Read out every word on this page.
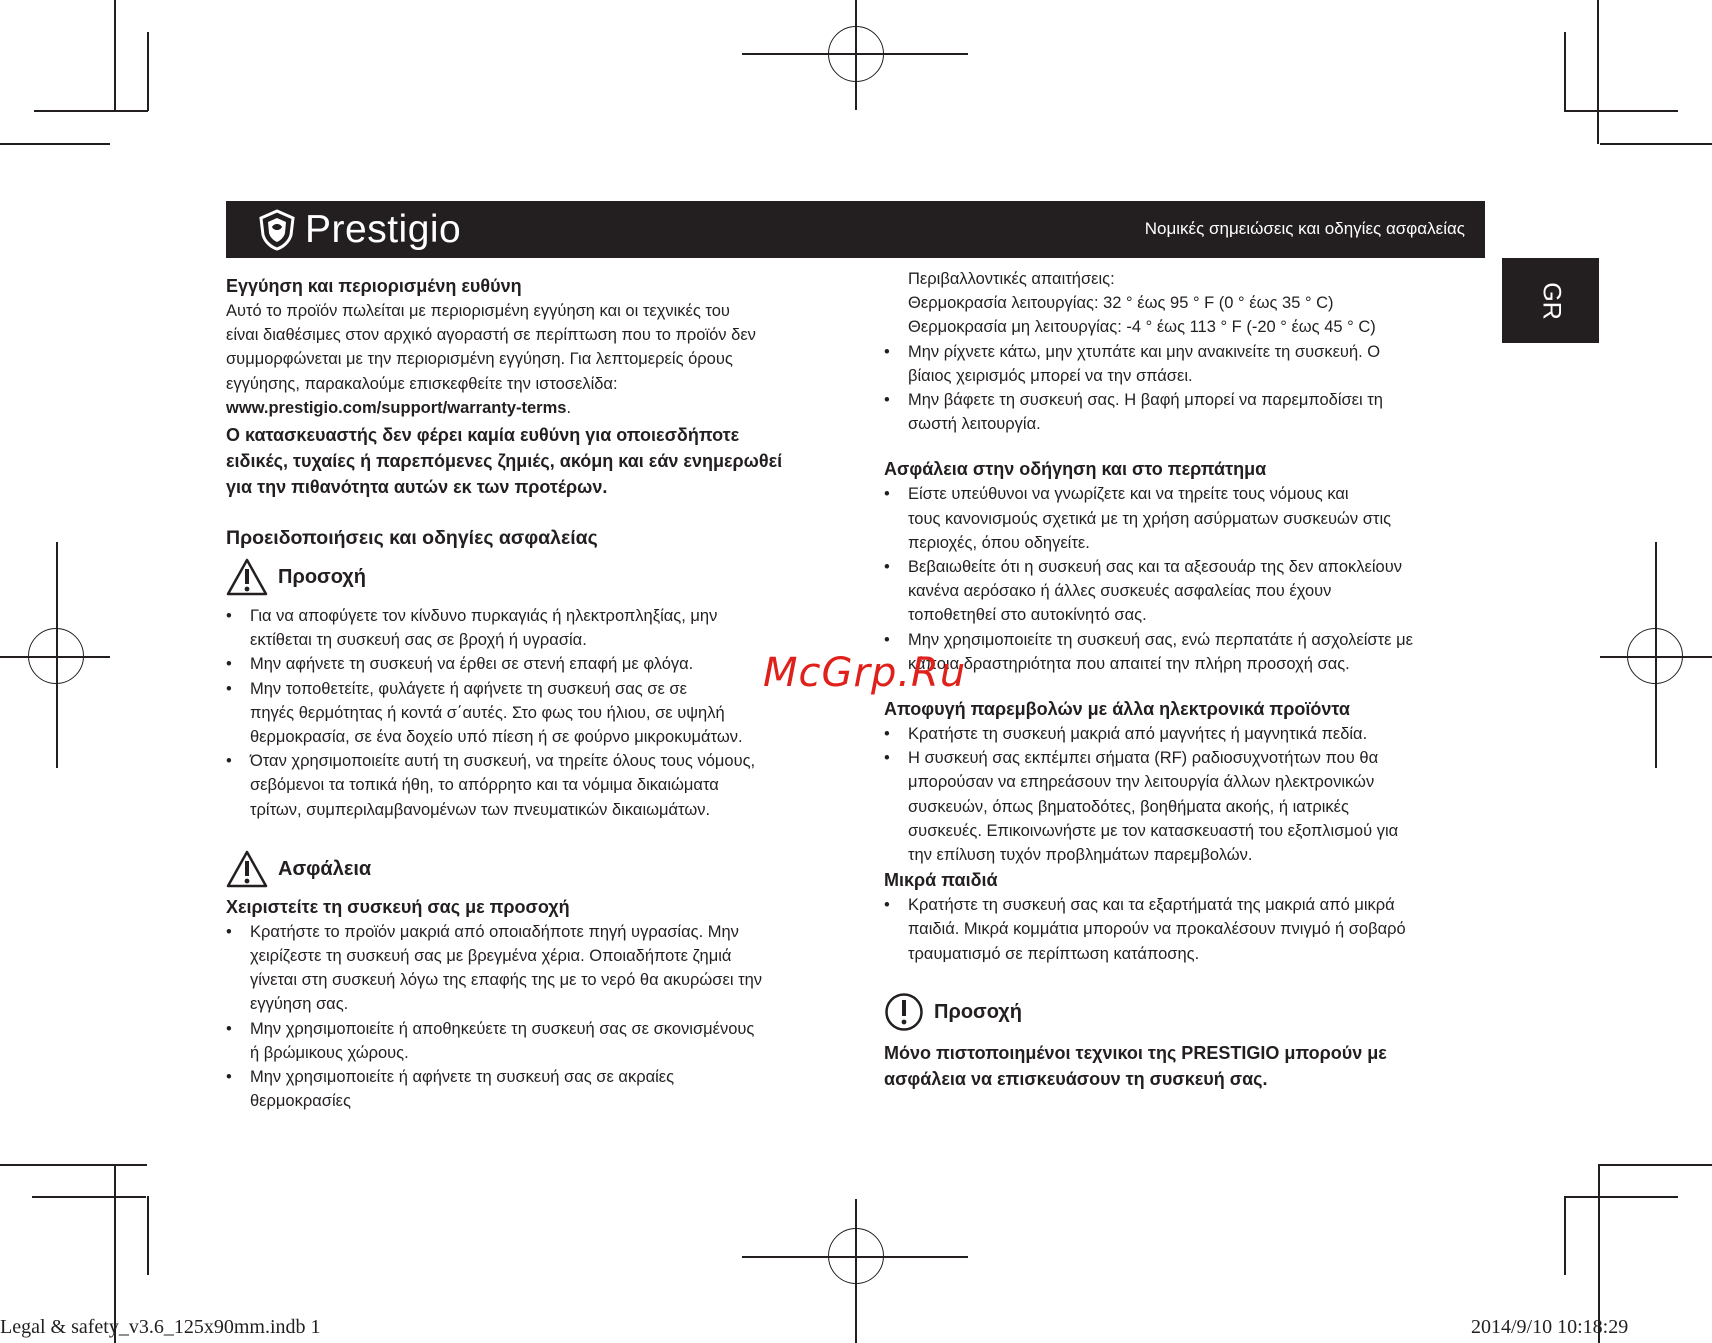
Prestigio	Νομικές σημειώσεις και οδηγίες ασφαλείας
GR
Εγγύηση και περιορισμένη ευθύνη
Αυτό το προϊόν πωλείται με περιορισμένη εγγύηση και οι τεχνικές του
είναι διαθέσιμες στον αρχικό αγοραστή σε περίπτωση που το προϊόν δεν
συμμορφώνεται με την περιορισμένη εγγύηση. Για λεπτομερείς όρους
εγγύησης, παρακαλούμε επισκεφθείτε την ιστοσελίδα:
www.prestigio.com/support/warranty-terms.
Ο κατασκευαστής δεν φέρει καμία ευθύνη για οποιεσδήποτε
ειδικές, τυχαίες ή παρεπόμενες ζημιές, ακόμη και εάν ενημερωθεί
για την πιθανότητα αυτών εκ των προτέρων.
Προειδοποιήσεις και οδηγίες ασφαλείας
Προσοχή
• Για να αποφύγετε τον κίνδυνο πυρκαγιάς ή ηλεκτροπληξίας, μην
εκτίθεται τη συσκευή σας σε βροχή ή υγρασία.
• Μην αφήνετε τη συσκευή να έρθει σε στενή επαφή με φλόγα.
• Μην τοποθετείτε, φυλάγετε ή αφήνετε τη συσκευή σας σε σε
πηγές θερμότητας ή κοντά σ΄αυτές. Στο φως του ήλιου, σε υψηλή
θερμοκρασία, σε ένα δοχείο υπό πίεση ή σε φούρνο μικροκυμάτων.
• Όταν χρησιμοποιείτε αυτή τη συσκευή, να τηρείτε όλους τους νόμους,
σεβόμενοι τα τοπικά ήθη, το απόρρητο και τα νόμιμα δικαιώματα
τρίτων, συμπεριλαμβανομένων των πνευματικών δικαιωμάτων.
Ασφάλεια
Χειριστείτε τη συσκευή σας με προσοχή
• Κρατήστε το προϊόν μακριά από οποιαδήποτε πηγή υγρασίας. Μην
χειρίζεστε τη συσκευή σας με βρεγμένα χέρια. Οποιαδήποτε ζημιά
γίνεται στη συσκευή λόγω της επαφής της με το νερό θα ακυρώσει την
εγγύηση σας.
• Μην χρησιμοποιείτε ή αποθηκεύετε τη συσκευή σας σε σκονισμένους
ή βρώμικους χώρους.
• Μην χρησιμοποιείτε ή αφήνετε τη συσκευή σας σε ακραίες
θερμοκρασίες
Περιβαλλοντικές απαιτήσεις:
Θερμοκρασία λειτουργίας: 32 ° έως 95 ° F (0 ° έως 35 ° C)
Θερμοκρασία μη λειτουργίας: -4 ° έως 113 ° F (-20 ° έως 45 ° C)
• Μην ρίχνετε κάτω, μην χτυπάτε και μην ανακινείτε τη συσκευή. Ο
βίαιος χειρισμός μπορεί να την σπάσει.
• Μην βάφετε τη συσκευή σας. Η βαφή μπορεί να παρεμποδίσει τη
σωστή λειτουργία.
Ασφάλεια στην οδήγηση και στο περπάτημα
• Είστε υπεύθυνοι να γνωρίζετε και να τηρείτε τους νόμους και
τους κανονισμούς σχετικά με τη χρήση ασύρματων συσκευών στις
περιοχές, όπου οδηγείτε.
• Βεβαιωθείτε ότι η συσκευή σας και τα αξεσουάρ της δεν αποκλείουν
κανένα αερόσακο ή άλλες συσκευές ασφαλείας που έχουν
τοποθετηθεί στο αυτοκίνητό σας.
• Μην χρησιμοποιείτε τη συσκευή σας, ενώ περπατάτε ή ασχολείστε με
κάποια δραστηριότητα που απαιτεί την πλήρη προσοχή σας.
Αποφυγή παρεμβολών με άλλα ηλεκτρονικά προϊόντα
• Κρατήστε τη συσκευή μακριά από μαγνήτες ή μαγνητικά πεδία.
• Η συσκευή σας εκπέμπει σήματα (RF) ραδιοσυχνοτήτων που θα
μπορούσαν να επηρεάσουν την λειτουργία άλλων ηλεκτρονικών
συσκευών, όπως βηματοδότες, βοηθήματα ακοής, ή ιατρικές
συσκευές. Επικοινωνήστε με τον κατασκευαστή του εξοπλισμού για
την επίλυση τυχόν προβλημάτων παρεμβολών.
Μικρά παιδιά
• Κρατήστε τη συσκευή σας και τα εξαρτήματά της μακριά από μικρά
παιδιά. Μικρά κομμάτια μπορούν να προκαλέσουν πνιγμό ή σοβαρό
τραυματισμό σε περίπτωση κατάποσης.
Προσοχή
Μόνο πιστοποιημένοι τεχνικοι της PRESTIGIO μπορούν με
ασφάλεια να επισκευάσουν τη συσκευή σας.
McGrp.Ru
Legal & safety_v3.6_125x90mm.indb 1	2014/9/10 10:18:29
